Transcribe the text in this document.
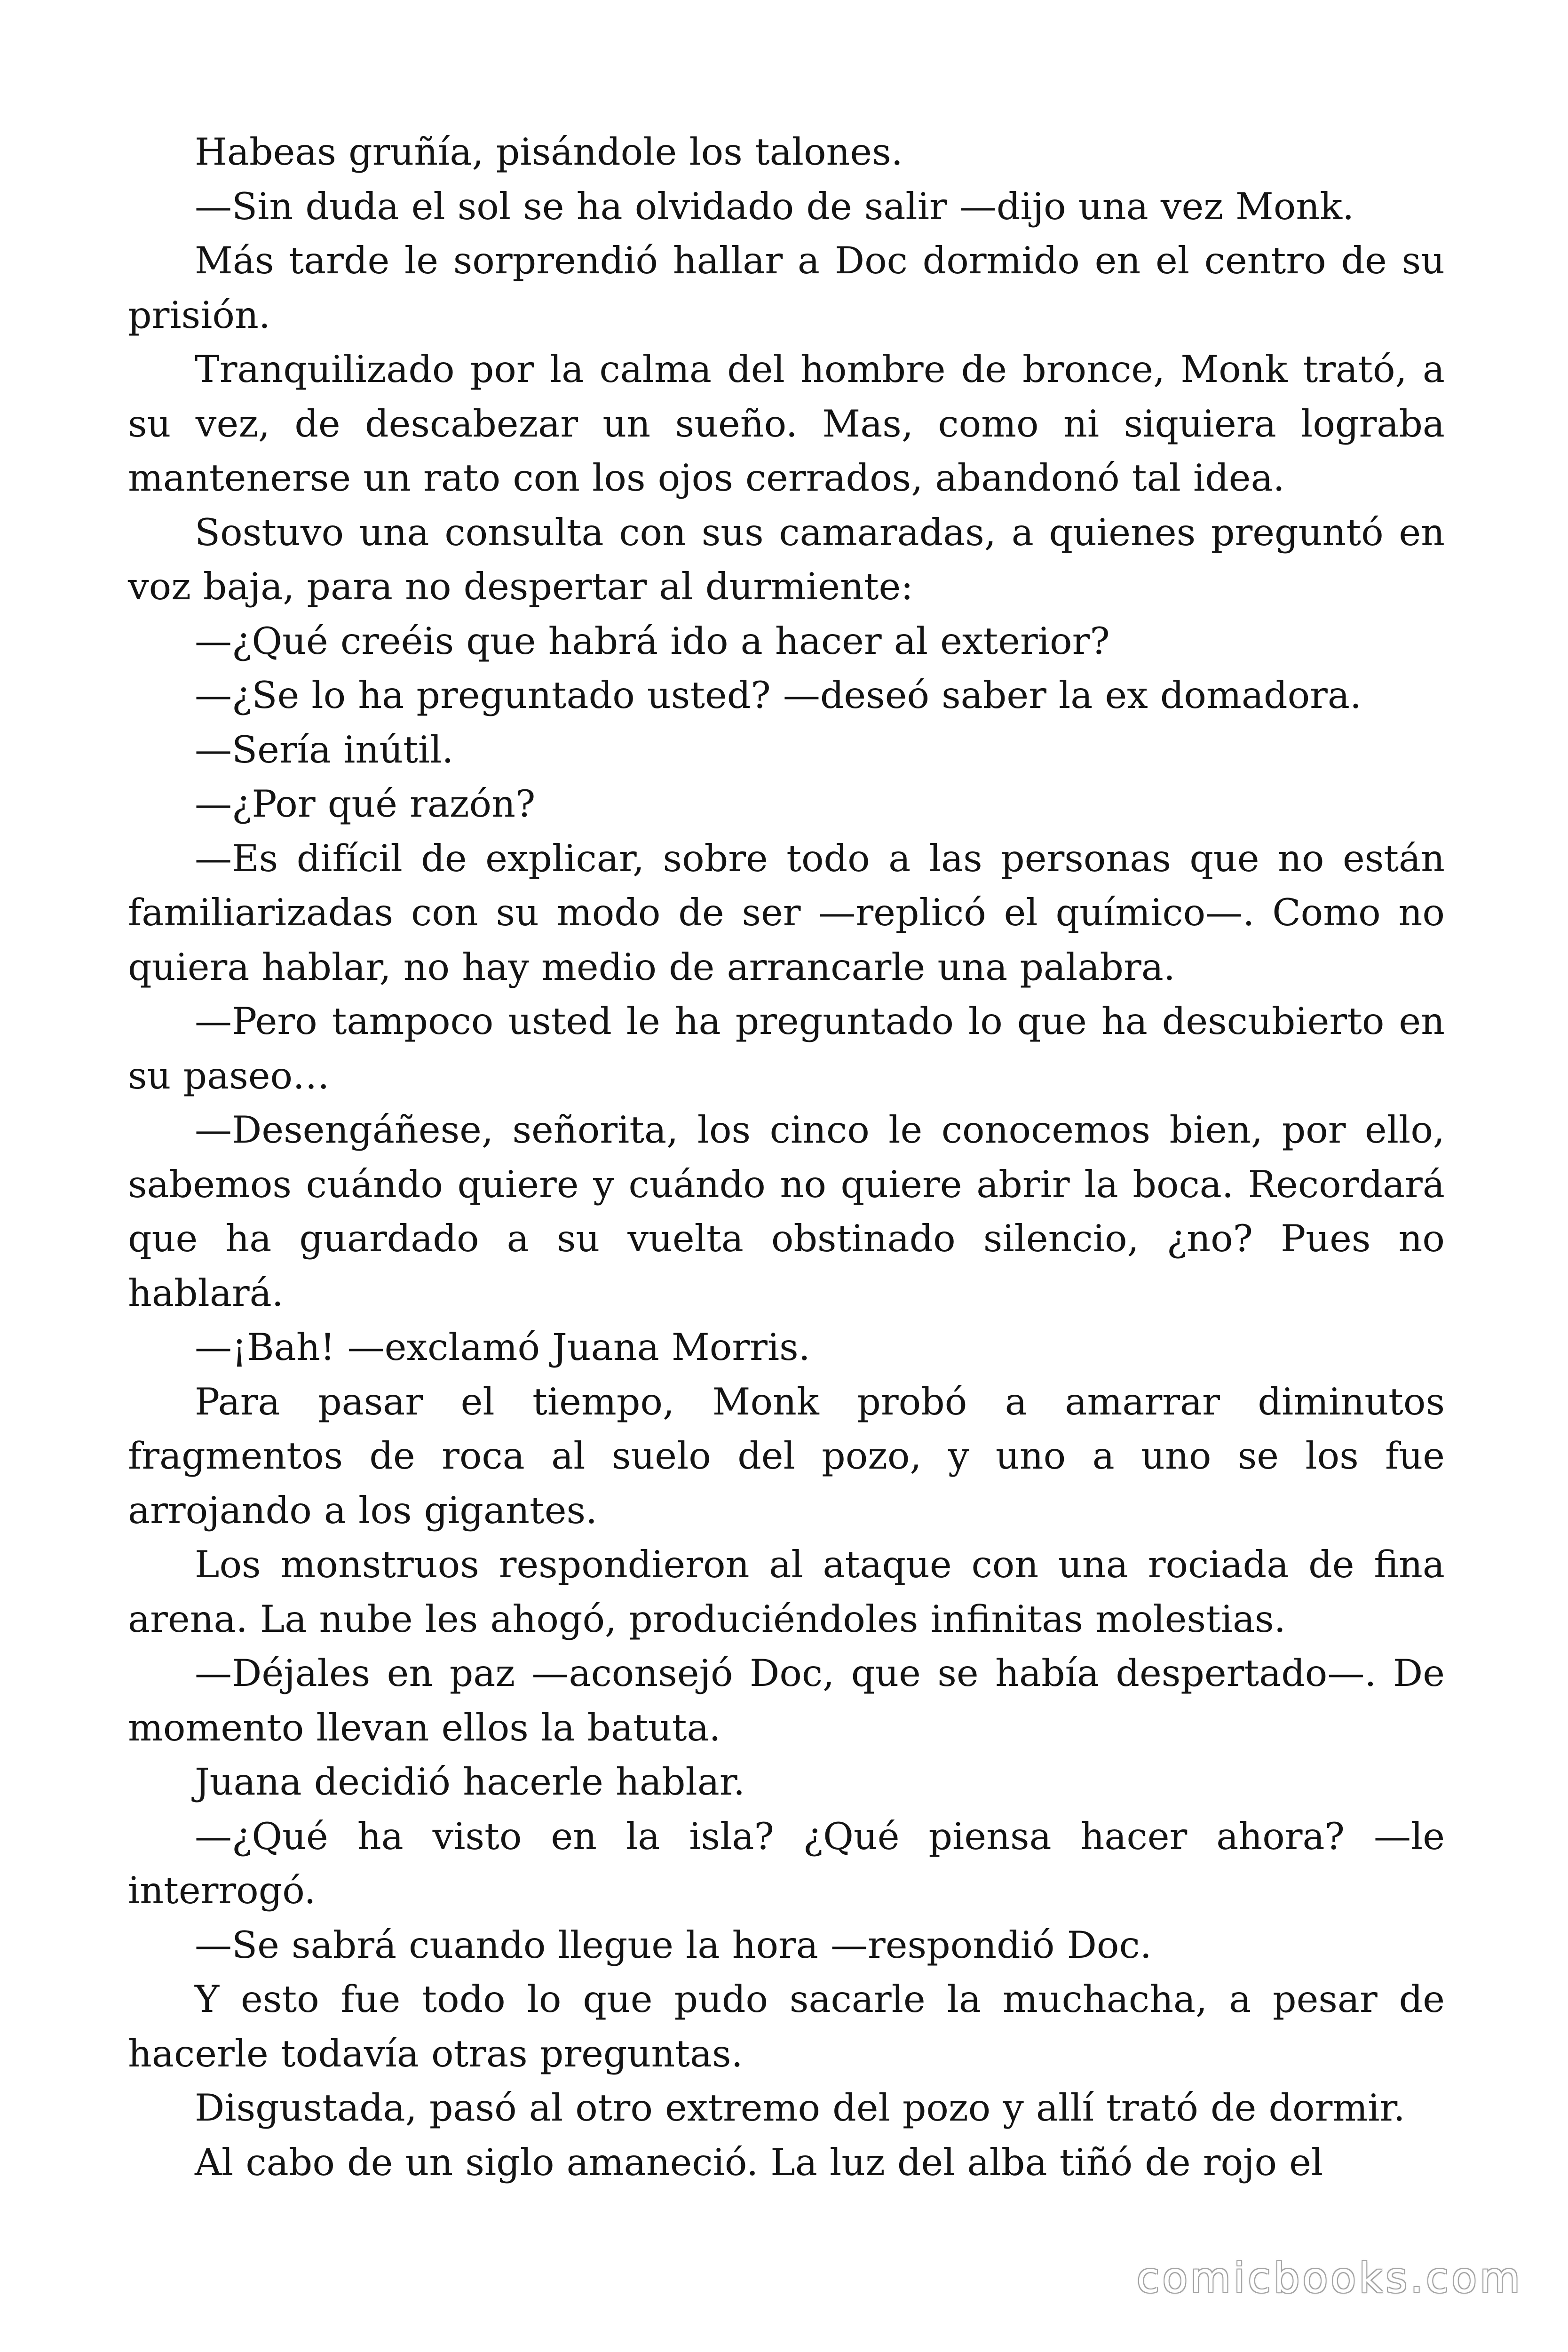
Habeas gruñía, pisándole los talones.

—Sin duda el sol se ha olvidado de salir —dijo una vez Monk.

Más tarde le sorprendió hallar a Doc dormido en el centro de su prisión.

Tranquilizado por la calma del hombre de bronce, Monk trató, a su vez, de descabezar un sueño. Mas, como ni siquiera lograba mantenerse un rato con los ojos cerrados, abandonó tal idea.

Sostuvo una consulta con sus camaradas, a quienes preguntó en voz baja, para no despertar al durmiente:

—¿Qué creéis que habrá ido a hacer al exterior?

—¿Se lo ha preguntado usted? —deseó saber la ex domadora.

—Sería inútil.

—¿Por qué razón?

—Es difícil de explicar, sobre todo a las personas que no están familiarizadas con su modo de ser —replicó el químico—. Como no quiera hablar, no hay medio de arrancarle una palabra.

—Pero tampoco usted le ha preguntado lo que ha descubierto en su paseo…

—Desengáñese, señorita, los cinco le conocemos bien, por ello, sabemos cuándo quiere y cuándo no quiere abrir la boca. Recordará que ha guardado a su vuelta obstinado silencio, ¿no? Pues no hablará.

—¡Bah! —exclamó Juana Morris.

Para pasar el tiempo, Monk probó a amarrar diminutos fragmentos de roca al suelo del pozo, y uno a uno se los fue arrojando a los gigantes.

Los monstruos respondieron al ataque con una rociada de fina arena. La nube les ahogó, produciéndoles infinitas molestias.

—Déjales en paz —aconsejó Doc, que se había despertado—. De momento llevan ellos la batuta.

Juana decidió hacerle hablar.

—¿Qué ha visto en la isla? ¿Qué piensa hacer ahora? —le interrogó.

—Se sabrá cuando llegue la hora —respondió Doc.

Y esto fue todo lo que pudo sacarle la muchacha, a pesar de hacerle todavía otras preguntas.

Disgustada, pasó al otro extremo del pozo y allí trató de dormir.

Al cabo de un siglo amaneció. La luz del alba tiñó de rojo el

comicbooks.com
